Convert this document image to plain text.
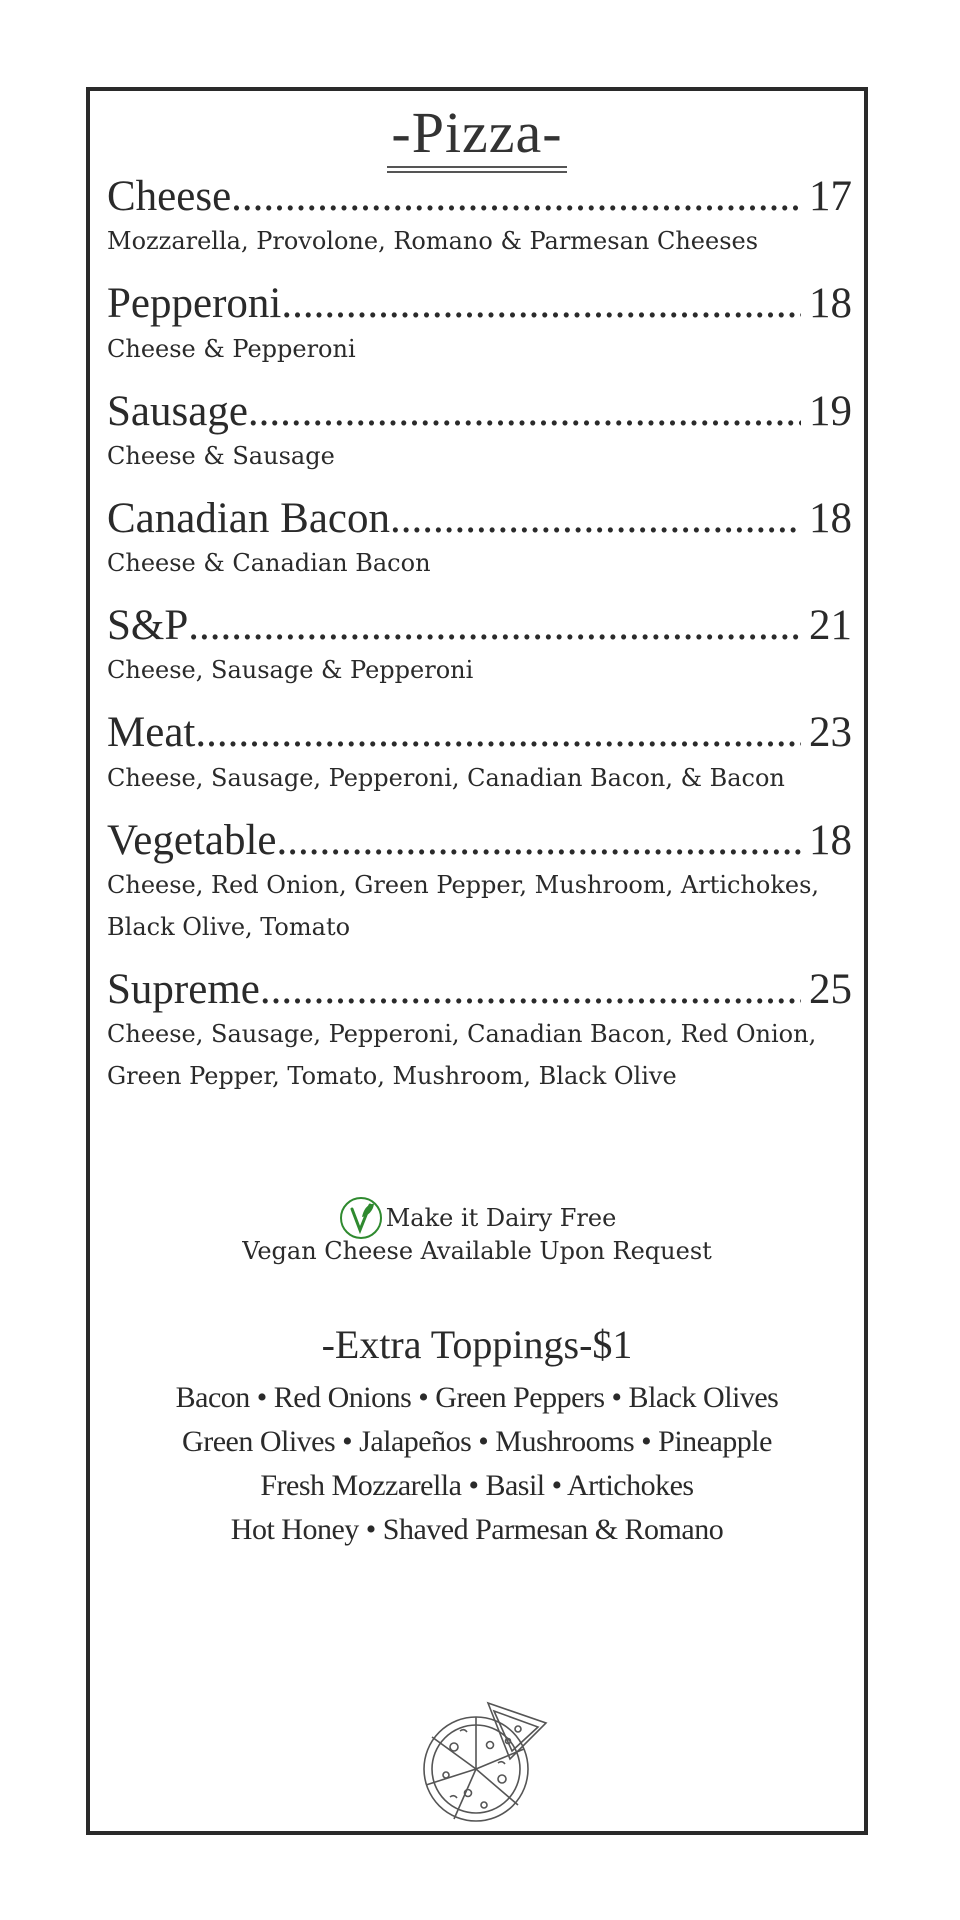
-Pizza-
Cheese .....	17
Mozzarella, Provolone, Romano & Parmesan Cheeses
Pepperoni .....	18
Cheese & Pepperoni
Sausage .....	19
Cheese & Sausage
Canadian Bacon .....	18
Cheese & Canadian Bacon
S&P .....	21
Cheese, Sausage & Pepperoni
Meat .....	23
Cheese, Sausage, Pepperoni, Canadian Bacon, & Bacon
Vegetable .....	18
Cheese, Red Onion, Green Pepper, Mushroom, Artichokes,
Black Olive, Tomato
Supreme .....	25
Cheese, Sausage, Pepperoni, Canadian Bacon, Red Onion,
Green Pepper, Tomato, Mushroom, Black Olive
Make it Dairy Free
Vegan Cheese Available Upon Request
-Extra Toppings-$1
Bacon • Red Onions • Green Peppers • Black Olives
Green Olives • Jalapeños • Mushrooms • Pineapple
Fresh Mozzarella • Basil • Artichokes
Hot Honey • Shaved Parmesan & Romano
